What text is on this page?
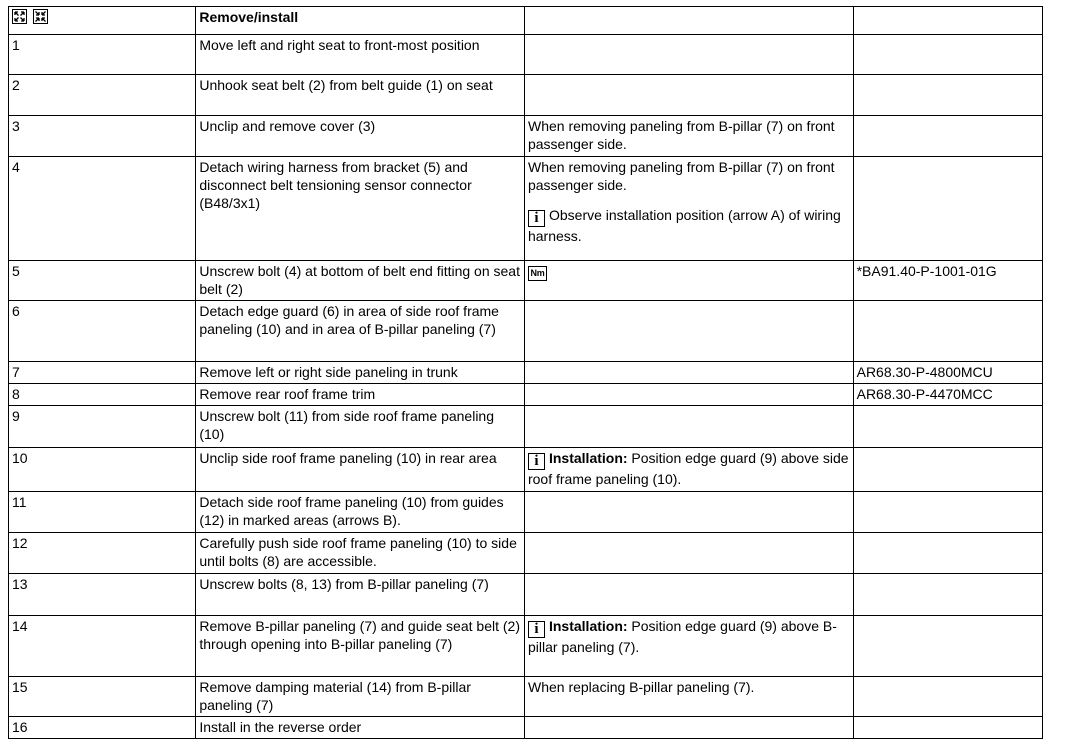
	Remove/install		
1	Move left and right seat to front-most position		
2	Unhook seat belt (2) from belt guide (1) on seat		
3	Unclip and remove cover (3)	When removing paneling from B-pillar (7) on front passenger side.	
4	Detach wiring harness from bracket (5) and disconnect belt tensioning sensor connector (B48/3x1)	When removing paneling from B-pillar (7) on front passenger side.
i Observe installation position (arrow A) of wiring harness.	
5	Unscrew bolt (4) at bottom of belt end fitting on seat belt (2)	Nm	*BA91.40-P-1001-01G
6	Detach edge guard (6) in area of side roof frame paneling (10) and in area of B-pillar paneling (7)		
7	Remove left or right side paneling in trunk		AR68.30-P-4800MCU
8	Remove rear roof frame trim		AR68.30-P-4470MCC
9	Unscrew bolt (11) from side roof frame paneling (10)		
10	Unclip side roof frame paneling (10) in rear area	i Installation: Position edge guard (9) above side roof frame paneling (10).	
11	Detach side roof frame paneling (10) from guides (12) in marked areas (arrows B).		
12	Carefully push side roof frame paneling (10) to side until bolts (8) are accessible.		
13	Unscrew bolts (8, 13) from B-pillar paneling (7)		
14	Remove B-pillar paneling (7) and guide seat belt (2) through opening into B-pillar paneling (7)	i Installation: Position edge guard (9) above B-pillar paneling (7).	
15	Remove damping material (14) from B-pillar paneling (7)	When replacing B-pillar paneling (7).	
16	Install in the reverse order		
